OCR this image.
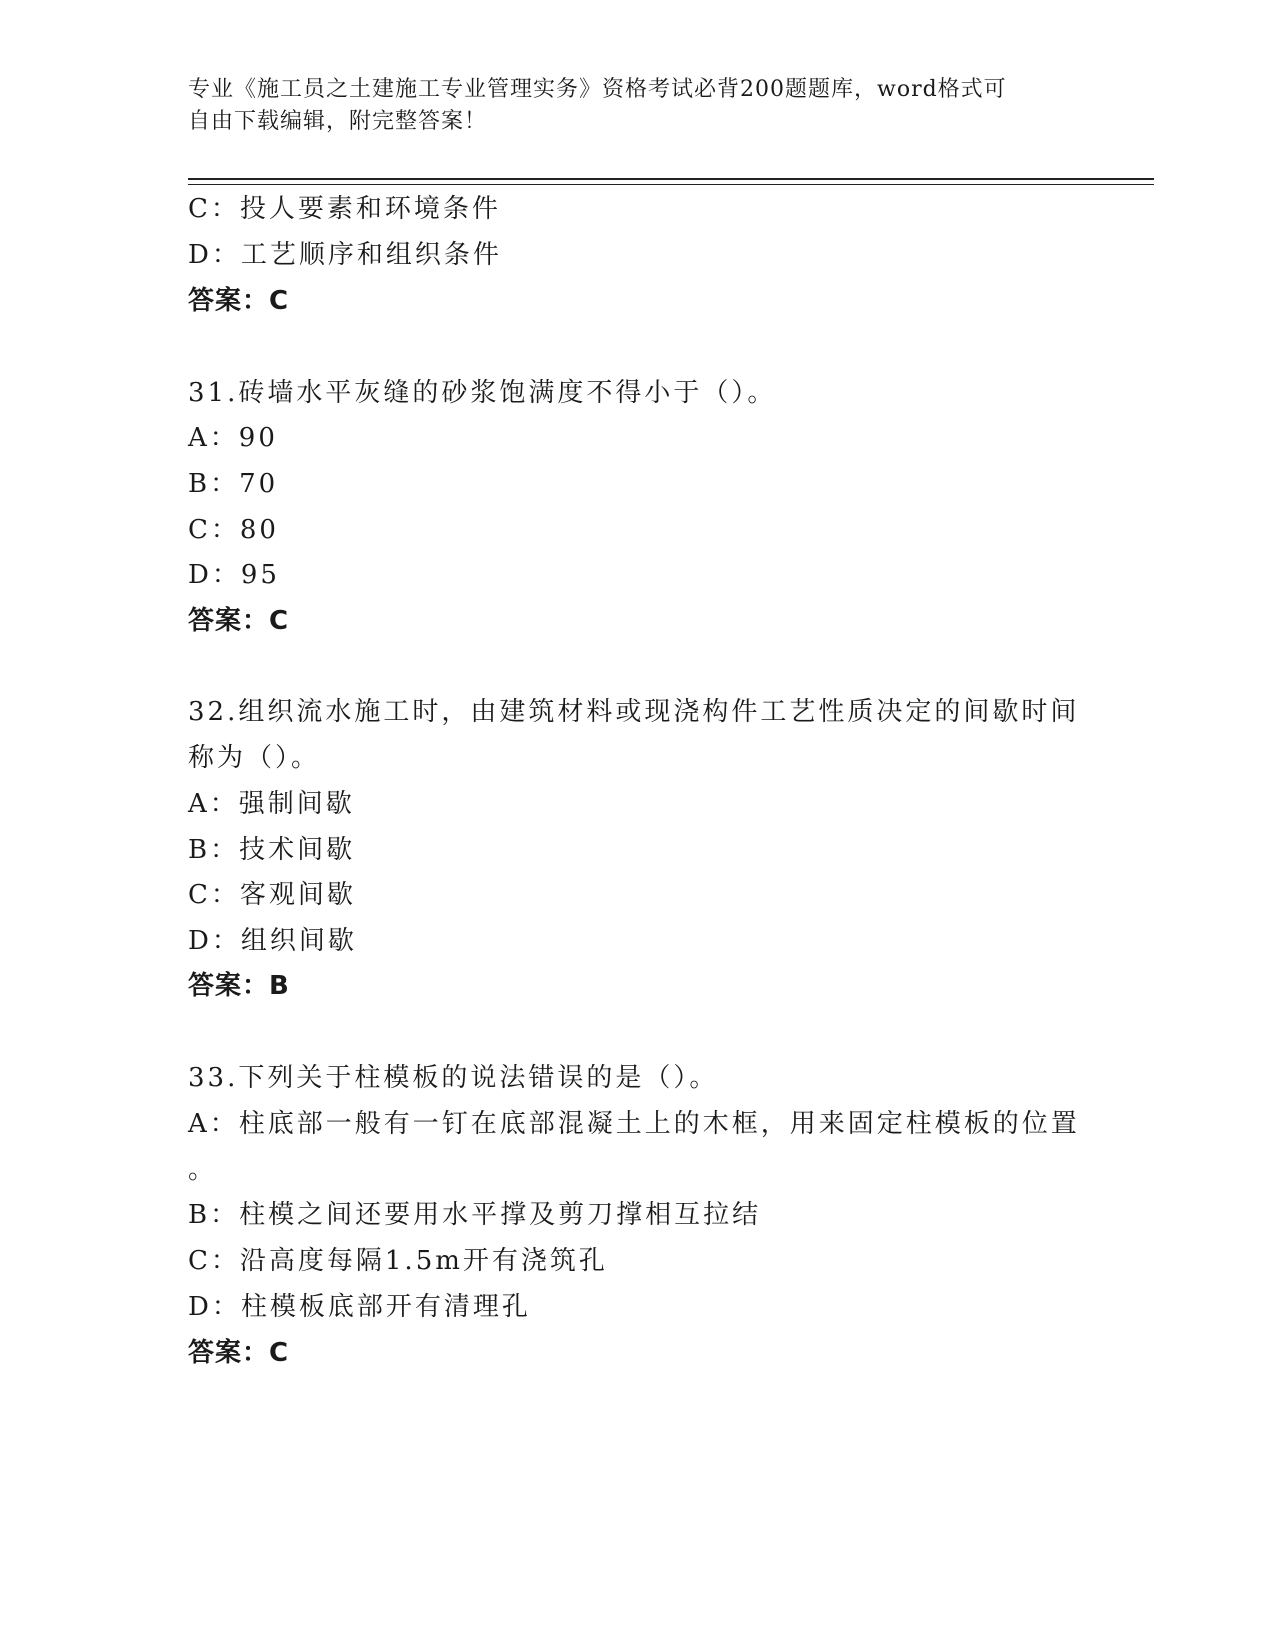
专业《施工员之土建施工专业管理实务》资格考试必背200题题库，word格式可
自由下载编辑，附完整答案！
C：投人要素和环境条件
D：工艺顺序和组织条件
答案：C
31.砖墙水平灰缝的砂浆饱满度不得小于（）。
A：90
B：70
C：80
D：95
答案：C
32.组织流水施工时，由建筑材料或现浇构件工艺性质决定的间歇时间
称为（）。
A：强制间歇
B：技术间歇
C：客观间歇
D：组织间歇
答案：B
33.下列关于柱模板的说法错误的是（）。
A：柱底部一般有一钉在底部混凝土上的木框，用来固定柱模板的位置
。
B：柱模之间还要用水平撑及剪刀撑相互拉结
C：沿高度每隔1.5m开有浇筑孔
D：柱模板底部开有清理孔
答案：C
